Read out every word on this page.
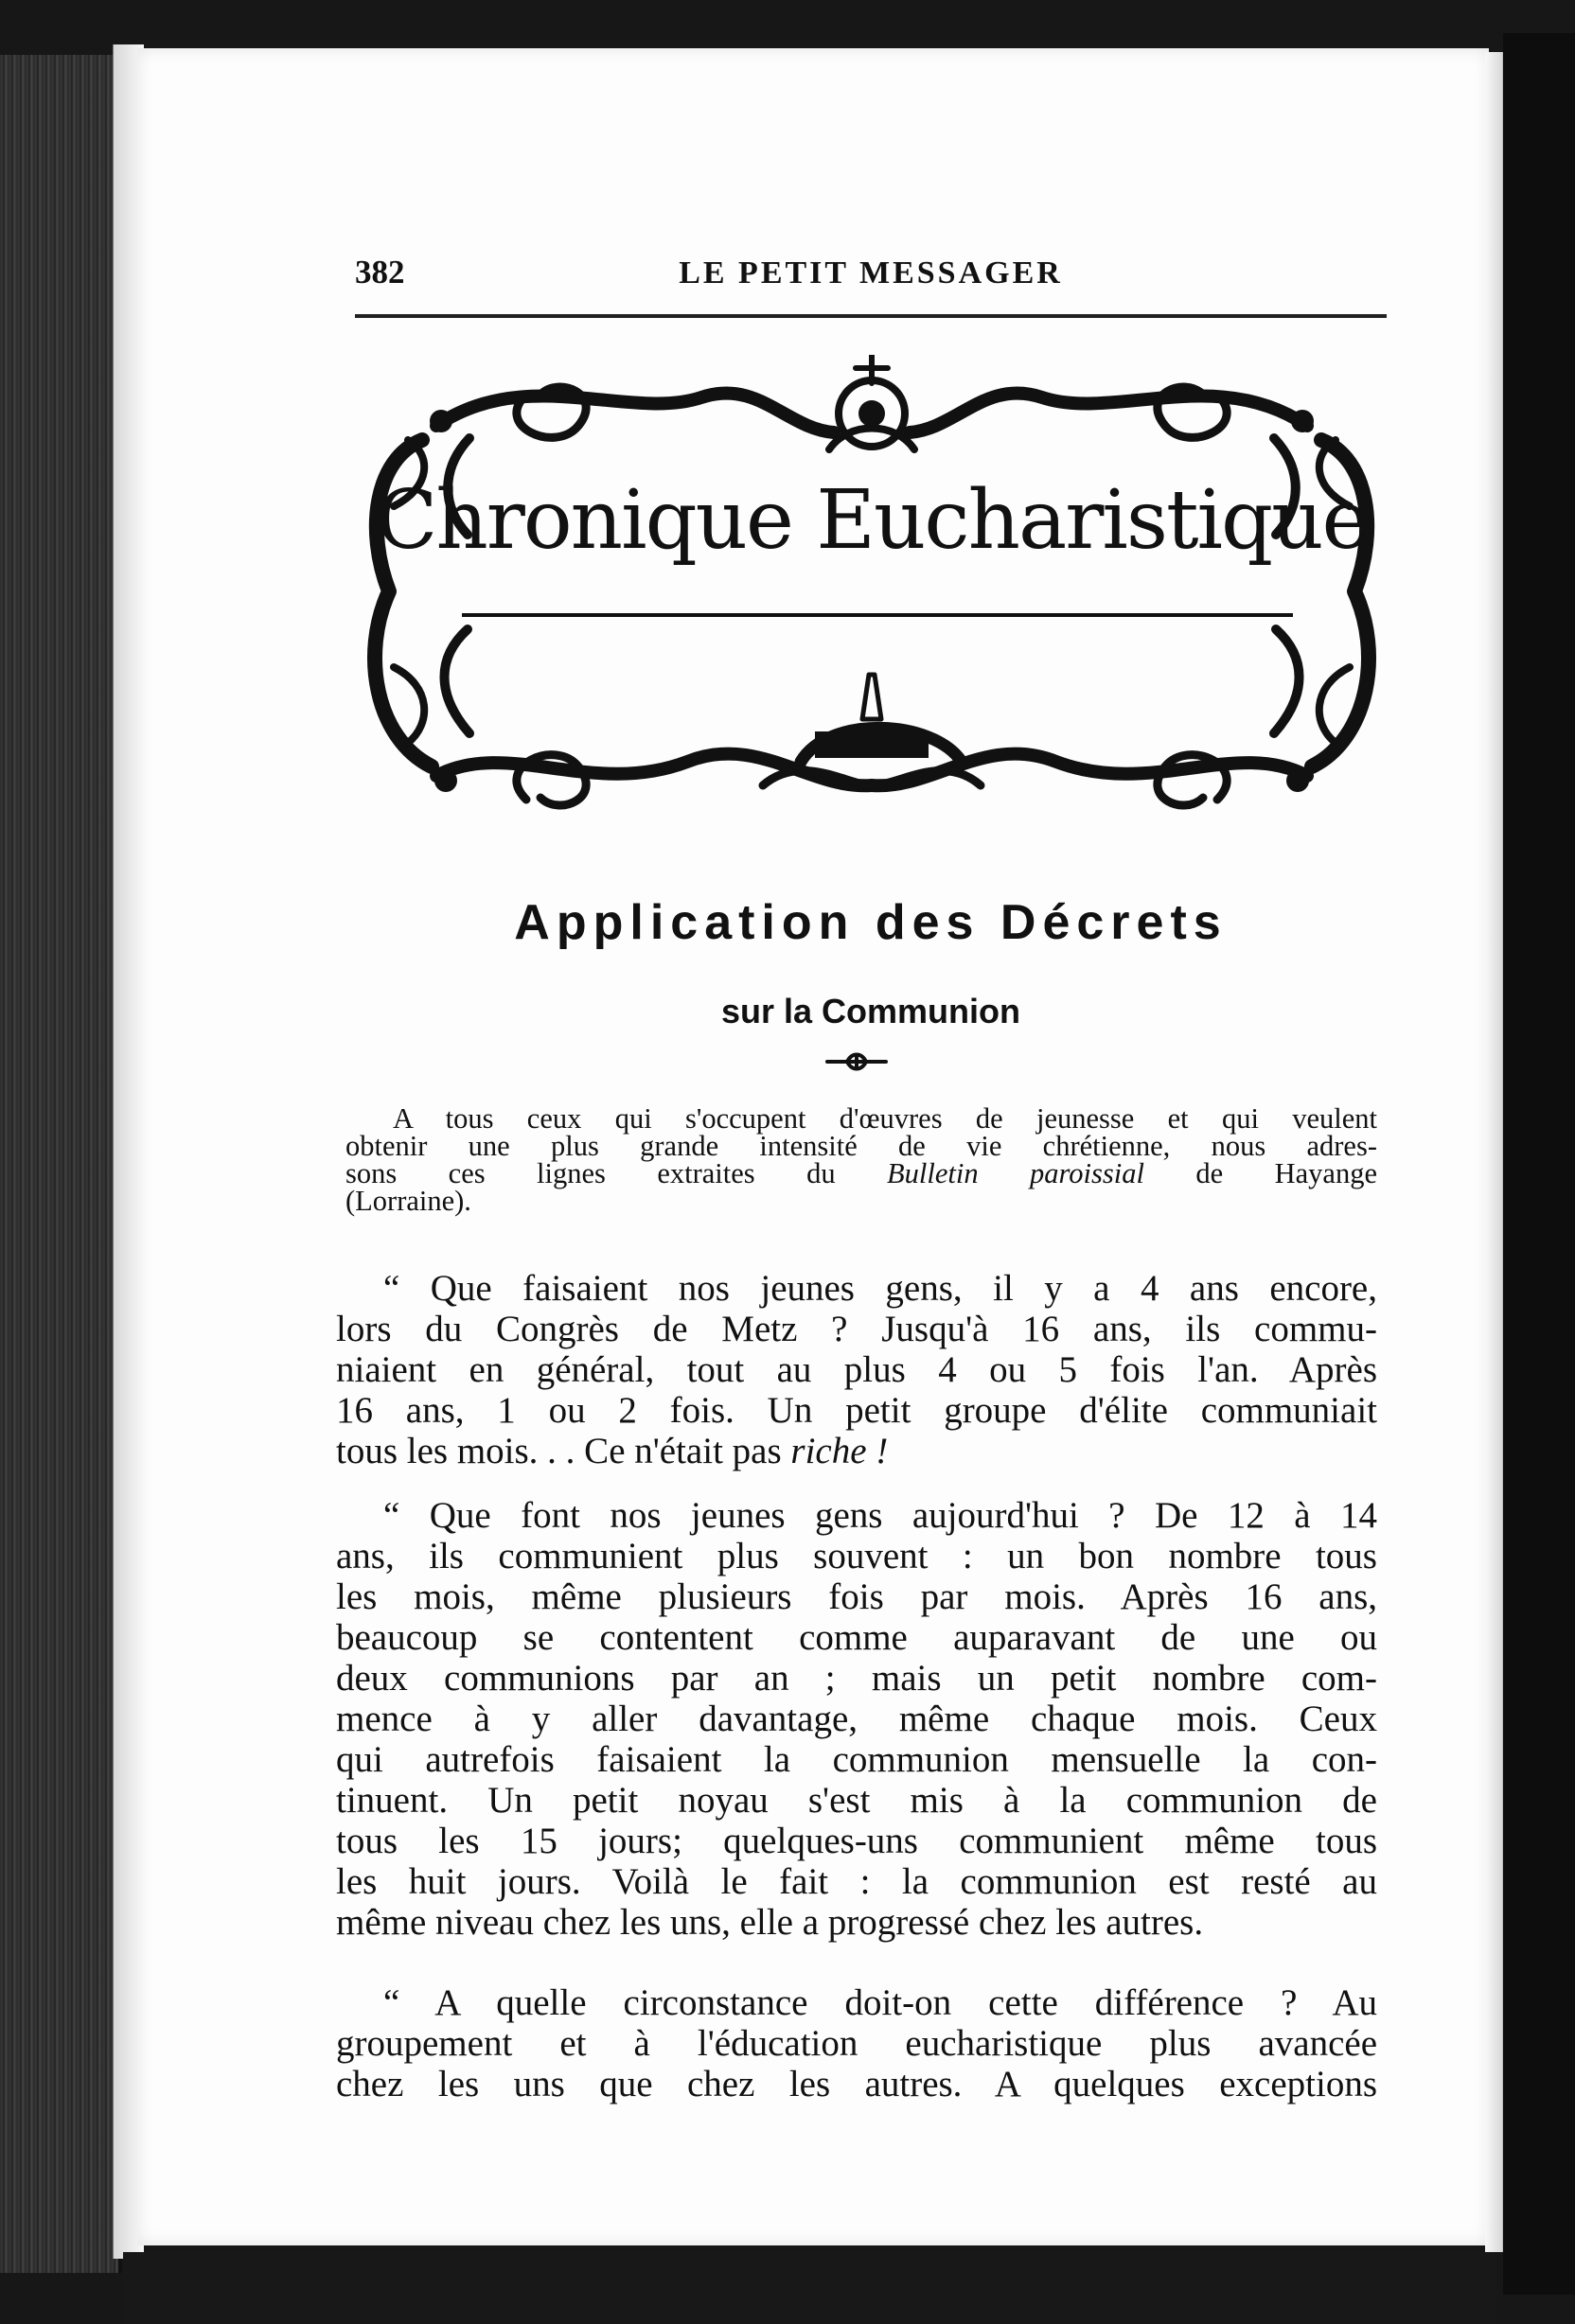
382	LE PETIT MESSAGER
Chronique Eucharistique
Application des Décrets
sur la Communion
A tous ceux qui s'occupent d'œuvres de jeunesse et qui veulent
obtenir une plus grande intensité de vie chrétienne, nous adres-
sons ces lignes extraites du Bulletin paroissial de Hayange
(Lorraine).
“ Que faisaient nos jeunes gens, il y a 4 ans encore,
lors du Congrès de Metz ? Jusqu'à 16 ans, ils commu-
niaient en général, tout au plus 4 ou 5 fois l'an. Après
16 ans, 1 ou 2 fois. Un petit groupe d'élite communiait
tous les mois. . . Ce n'était pas riche !
“ Que font nos jeunes gens aujourd'hui ? De 12 à 14
ans, ils communient plus souvent : un bon nombre tous
les mois, même plusieurs fois par mois. Après 16 ans,
beaucoup se contentent comme auparavant de une ou
deux communions par an ; mais un petit nombre com-
mence à y aller davantage, même chaque mois. Ceux
qui autrefois faisaient la communion mensuelle la con-
tinuent. Un petit noyau s'est mis à la communion de
tous les 15 jours; quelques-uns communient même tous
les huit jours. Voilà le fait : la communion est resté au
même niveau chez les uns, elle a progressé chez les autres.
“ A quelle circonstance doit-on cette différence ? Au
groupement et à l'éducation eucharistique plus avancée
chez les uns que chez les autres. A quelques exceptions
